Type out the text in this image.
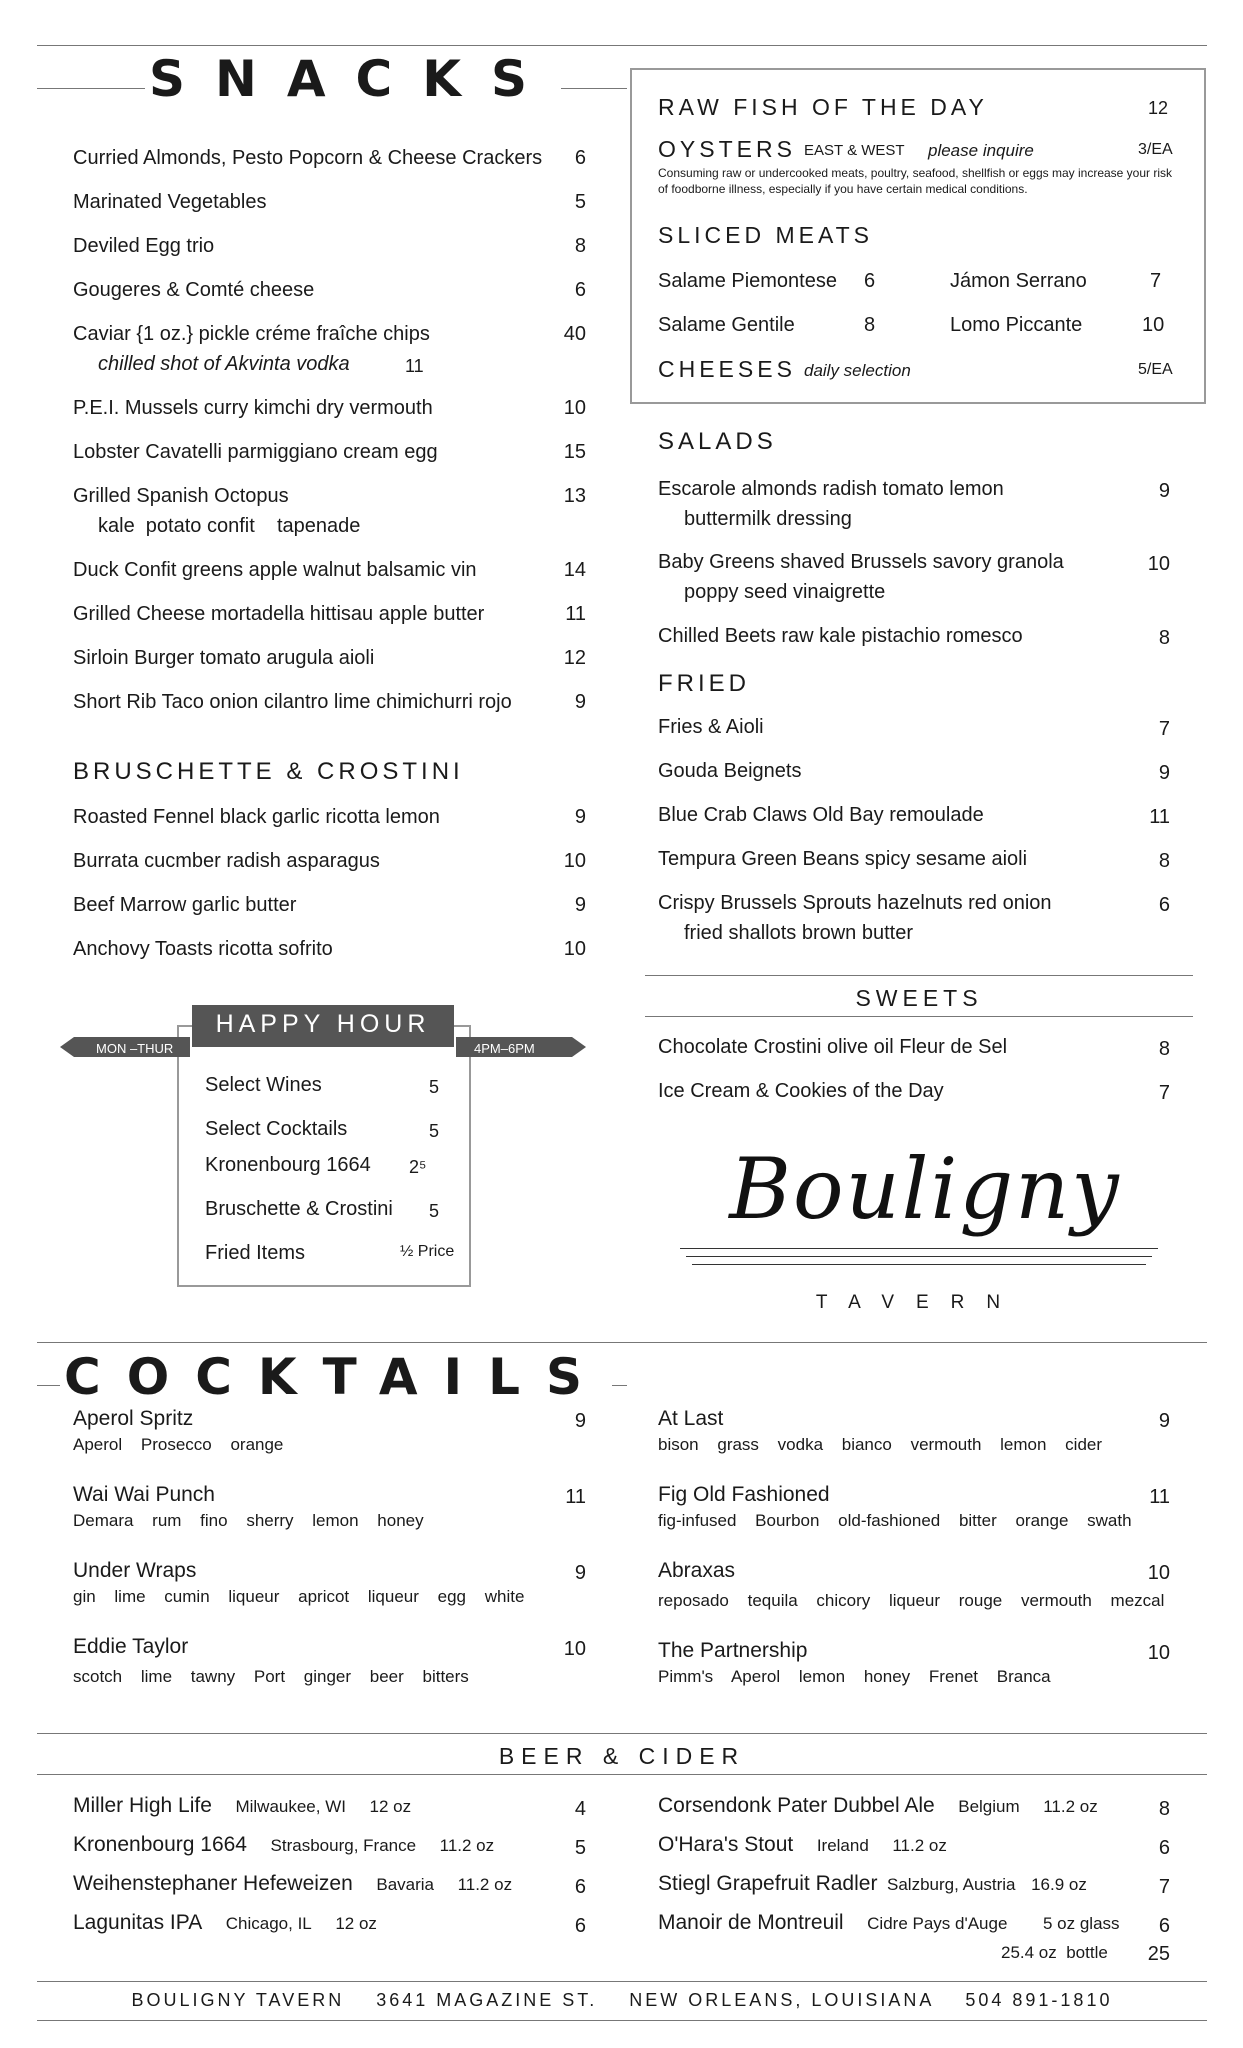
SNACKS
Curried Almonds, Pesto Popcorn & Cheese Crackers	6
Marinated Vegetables	5
Deviled Egg trio	8
Gougeres & Comté cheese	6
Caviar {1 oz.} pickle créme fraîche chips	40
chilled shot of Akvinta vodka	11
P.E.I. Mussels curry kimchi dry vermouth	10
Lobster Cavatelli parmiggiano cream egg	15
Grilled Spanish Octopus	13
kale  potato confit    tapenade
Duck Confit greens apple walnut balsamic vin	14
Grilled Cheese mortadella hittisau apple butter	11
Sirloin Burger tomato arugula aioli	12
Short Rib Taco onion cilantro lime chimichurri rojo	9
BRUSCHETTE & CROSTINI
Roasted Fennel black garlic ricotta lemon	9
Burrata cucmber radish asparagus	10
Beef Marrow garlic butter	9
Anchovy Toasts ricotta sofrito	10
HAPPY HOUR
MON –THUR	4PM–6PM
Select Wines	5
Select Cocktails	5
Kronenbourg 1664 2⁵
Bruschette & Crostini	5
Fried Items	½ Price
RAW FISH OF THE DAY	12
OYSTERS EAST & WEST please inquire	3/EA
Consuming raw or undercooked meats, poultry, seafood, shellfish or eggs may increase your risk of foodborne illness, especially if you have certain medical conditions.
SLICED MEATS
Salame Piemontese 6	Jámon Serrano	7
Salame Gentile	8	Lomo Piccante	10
CHEESES daily selection	5/EA
SALADS
Escarole almonds radish tomato lemon	9
buttermilk dressing
Baby Greens shaved Brussels savory granola	10
poppy seed vinaigrette
Chilled Beets raw kale pistachio romesco	8
FRIED
Fries & Aioli	7
Gouda Beignets	9
Blue Crab Claws Old Bay remoulade	11
Tempura Green Beans spicy sesame aioli	8
Crispy Brussels Sprouts hazelnuts red onion	6
fried shallots brown butter
SWEETS
Chocolate Crostini olive oil Fleur de Sel	8
Ice Cream & Cookies of the Day	7
Bouligny
TAVERN
COCKTAILS
Aperol Spritz	9
Aperol Prosecco orange
Wai Wai Punch	11
Demara rum fino sherry lemon honey
Under Wraps	9
gin lime cumin liqueur apricot liqueur egg white
Eddie Taylor	10
scotch lime tawny Port ginger beer bitters
At Last	9
bison grass vodka bianco vermouth lemon cider
Fig Old Fashioned	11
fig-infused Bourbon old-fashioned bitter orange swath
Abraxas	10
reposado tequila chicory liqueur rouge vermouth mezcal
The Partnership	10
Pimm's Aperol lemon honey Frenet Branca
BEER & CIDER
Miller High Life Milwaukee, WI 12 oz	4
Kronenbourg 1664 Strasbourg, France 11.2 oz	5
Weihenstephaner Hefeweizen Bavaria 11.2 oz	6
Lagunitas IPA Chicago, IL 12 oz	6
Corsendonk Pater Dubbel Ale Belgium 11.2 oz	8
O'Hara's Stout Ireland 11.2 oz	6
Stiegl Grapefruit Radler Salzburg, Austria 16.9 oz	7
Manoir de Montreuil Cidre Pays d'Auge 5 oz glass	6
25.4 oz  bottle	25
BOULIGNY TAVERN    3641 MAGAZINE ST.    NEW ORLEANS, LOUISIANA    504 891-1810
